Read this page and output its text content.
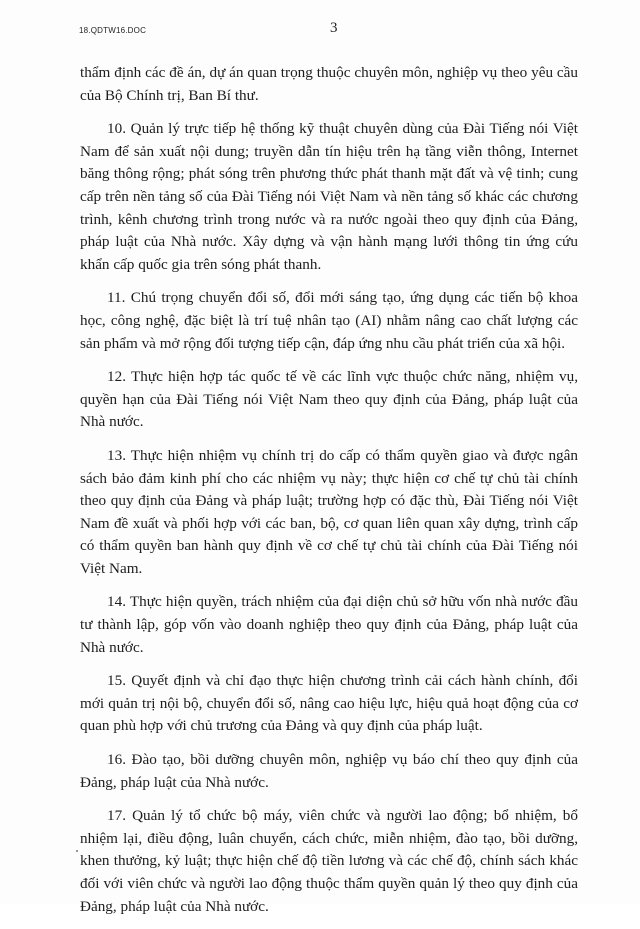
18.QDTW16.DOC	3

thẩm định các đề án, dự án quan trọng thuộc chuyên môn, nghiệp vụ theo yêu cầu của Bộ Chính trị, Ban Bí thư.

10. Quản lý trực tiếp hệ thống kỹ thuật chuyên dùng của Đài Tiếng nói Việt Nam để sản xuất nội dung; truyền dẫn tín hiệu trên hạ tầng viễn thông, Internet băng thông rộng; phát sóng trên phương thức phát thanh mặt đất và vệ tinh; cung cấp trên nền tảng số của Đài Tiếng nói Việt Nam và nền tảng số khác các chương trình, kênh chương trình trong nước và ra nước ngoài theo quy định của Đảng, pháp luật của Nhà nước. Xây dựng và vận hành mạng lưới thông tin ứng cứu khẩn cấp quốc gia trên sóng phát thanh.

11. Chú trọng chuyển đổi số, đổi mới sáng tạo, ứng dụng các tiến bộ khoa học, công nghệ, đặc biệt là trí tuệ nhân tạo (AI) nhằm nâng cao chất lượng các sản phẩm và mở rộng đối tượng tiếp cận, đáp ứng nhu cầu phát triển của xã hội.

12. Thực hiện hợp tác quốc tế về các lĩnh vực thuộc chức năng, nhiệm vụ, quyền hạn của Đài Tiếng nói Việt Nam theo quy định của Đảng, pháp luật của Nhà nước.

13. Thực hiện nhiệm vụ chính trị do cấp có thẩm quyền giao và được ngân sách bảo đảm kinh phí cho các nhiệm vụ này; thực hiện cơ chế tự chủ tài chính theo quy định của Đảng và pháp luật; trường hợp có đặc thù, Đài Tiếng nói Việt Nam đề xuất và phối hợp với các ban, bộ, cơ quan liên quan xây dựng, trình cấp có thẩm quyền ban hành quy định về cơ chế tự chủ tài chính của Đài Tiếng nói Việt Nam.

14. Thực hiện quyền, trách nhiệm của đại diện chủ sở hữu vốn nhà nước đầu tư thành lập, góp vốn vào doanh nghiệp theo quy định của Đảng, pháp luật của Nhà nước.

15. Quyết định và chỉ đạo thực hiện chương trình cải cách hành chính, đổi mới quản trị nội bộ, chuyển đổi số, nâng cao hiệu lực, hiệu quả hoạt động của cơ quan phù hợp với chủ trương của Đảng và quy định của pháp luật.

16. Đào tạo, bồi dưỡng chuyên môn, nghiệp vụ báo chí theo quy định của Đảng, pháp luật của Nhà nước.

17. Quản lý tổ chức bộ máy, viên chức và người lao động; bổ nhiệm, bổ nhiệm lại, điều động, luân chuyển, cách chức, miễn nhiệm, đào tạo, bồi dưỡng, khen thưởng, kỷ luật; thực hiện chế độ tiền lương và các chế độ, chính sách khác đối với viên chức và người lao động thuộc thẩm quyền quản lý theo quy định của Đảng, pháp luật của Nhà nước.
